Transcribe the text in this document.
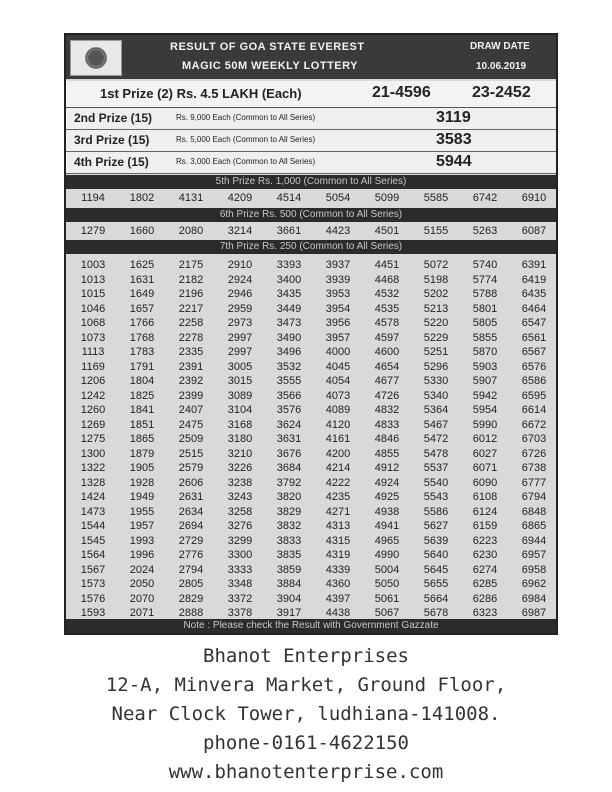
RESULT OF GOA STATE EVEREST
MAGIC 50M WEEKLY LOTTERY
DRAW DATE
10.06.2019
1st Prize (2) Rs. 4.5 LAKH (Each)	21-4596	23-2452
2nd Prize (15)	Rs. 9,000 Each (Common to All Series)	3119
3rd Prize (15)	Rs. 5,000 Each (Common to All Series)	3583
4th Prize (15)	Rs. 3,000 Each (Common to All Series)	5944
5th Prize Rs. 1,000 (Common to All Series)
1194	1802	4131	4209	4514	5054	5099	5585	6742	6910
6th Prize Rs. 500 (Common to All Series)
1279	1660	2080	3214	3661	4423	4501	5155	5263	6087
7th Prize Rs. 250 (Common to All Series)
1003	1625	2175	2910	3393	3937	4451	5072	5740	6391
1013	1631	2182	2924	3400	3939	4468	5198	5774	6419
1015	1649	2196	2946	3435	3953	4532	5202	5788	6435
1046	1657	2217	2959	3449	3954	4535	5213	5801	6464
1068	1766	2258	2973	3473	3956	4578	5220	5805	6547
1073	1768	2278	2997	3490	3957	4597	5229	5855	6561
1113	1783	2335	2997	3496	4000	4600	5251	5870	6567
1169	1791	2391	3005	3532	4045	4654	5296	5903	6576
1206	1804	2392	3015	3555	4054	4677	5330	5907	6586
1242	1825	2399	3089	3566	4073	4726	5340	5942	6595
1260	1841	2407	3104	3576	4089	4832	5364	5954	6614
1269	1851	2475	3168	3624	4120	4833	5467	5990	6672
1275	1865	2509	3180	3631	4161	4846	5472	6012	6703
1300	1879	2515	3210	3676	4200	4855	5478	6027	6726
1322	1905	2579	3226	3684	4214	4912	5537	6071	6738
1328	1928	2606	3238	3792	4222	4924	5540	6090	6777
1424	1949	2631	3243	3820	4235	4925	5543	6108	6794
1473	1955	2634	3258	3829	4271	4938	5586	6124	6848
1544	1957	2694	3276	3832	4313	4941	5627	6159	6865
1545	1993	2729	3299	3833	4315	4965	5639	6223	6944
1564	1996	2776	3300	3835	4319	4990	5640	6230	6957
1567	2024	2794	3333	3859	4339	5004	5645	6274	6958
1573	2050	2805	3348	3884	4360	5050	5655	6285	6962
1576	2070	2829	3372	3904	4397	5061	5664	6286	6984
1593	2071	2888	3378	3917	4438	5067	5678	6323	6987
Note : Please check the Result with Government Gazzate
Bhanot Enterprises
12-A, Minvera Market, Ground Floor,
Near Clock Tower, ludhiana-141008.
phone-0161-4622150
www.bhanotenterprise.com
